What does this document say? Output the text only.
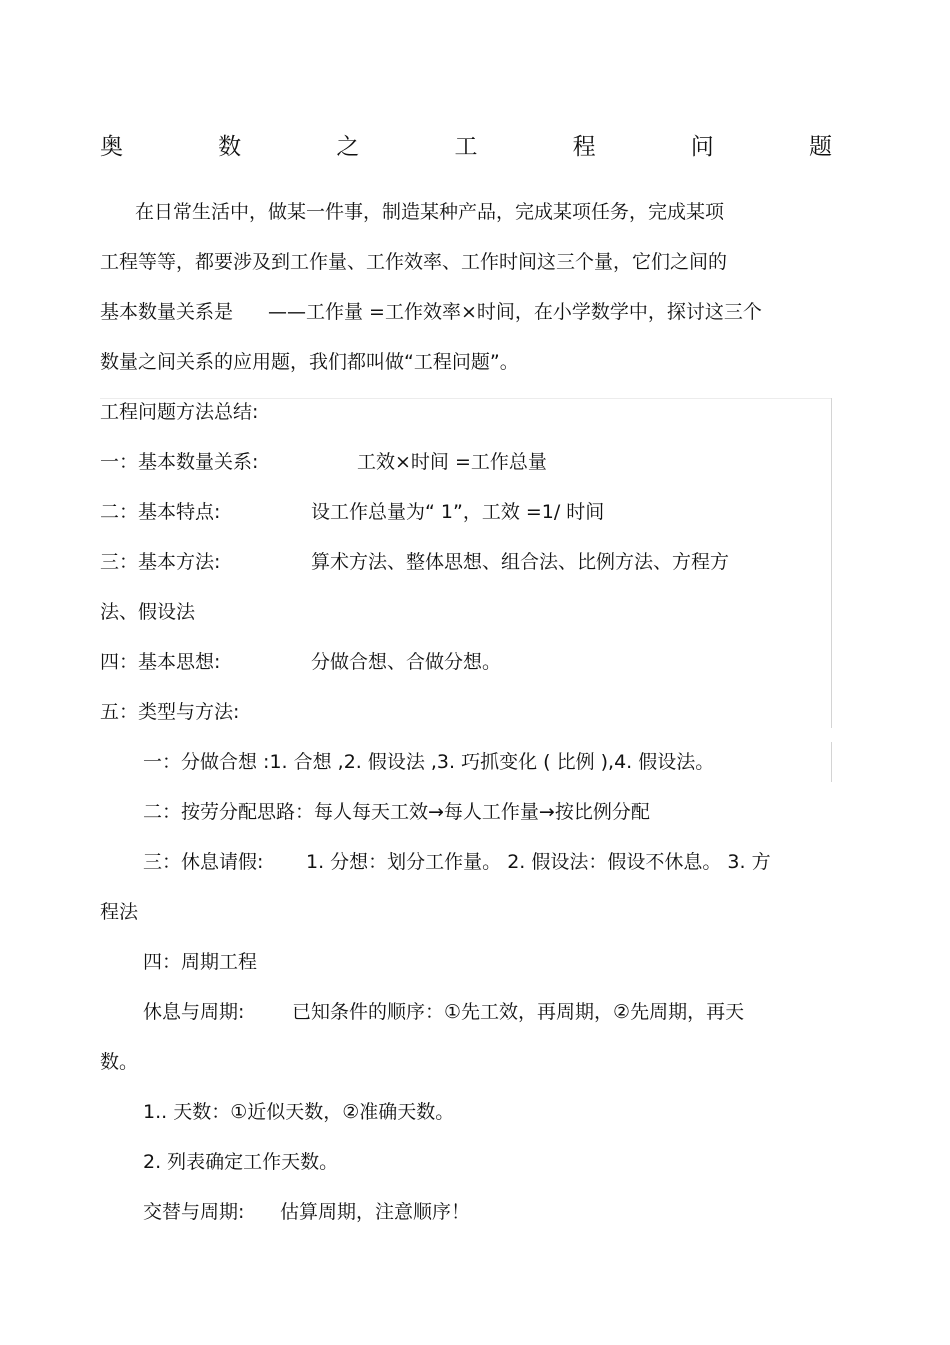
奥	数	之	工	程	问	题

在日常生活中，做某一件事，制造某种产品，完成某项任务，完成某项

工程等等，都要涉及到工作量、工作效率、工作时间这三个量，它们之间的

基本数量关系是 ——工作量 =工作效率×时间，在小学数学中，探讨这三个

数量之间关系的应用题，我们都叫做“工程问题”。

工程问题方法总结:

一：基本数量关系:	工效×时间 =工作总量

二：基本特点:	设工作总量为“ 1”，工效 =1/ 时间

三：基本方法:	算术方法、整体思想、组合法、比例方法、方程方

法、假设法

四：基本思想:	分做合想、合做分想。

五：类型与方法:

一：分做合想 :1. 合想 ,2. 假设法 ,3. 巧抓变化 ( 比例 ),4. 假设法。

二：按劳分配思路：每人每天工效→每人工作量→按比例分配

三：休息请假: 1. 分想：划分工作量。 2. 假设法：假设不休息。 3. 方

程法

四：周期工程

休息与周期:	已知条件的顺序：①先工效，再周期，②先周期，再天

数。

1.. 天数：①近似天数，②准确天数。

2. 列表确定工作天数。

交替与周期: 估算周期，注意顺序！
